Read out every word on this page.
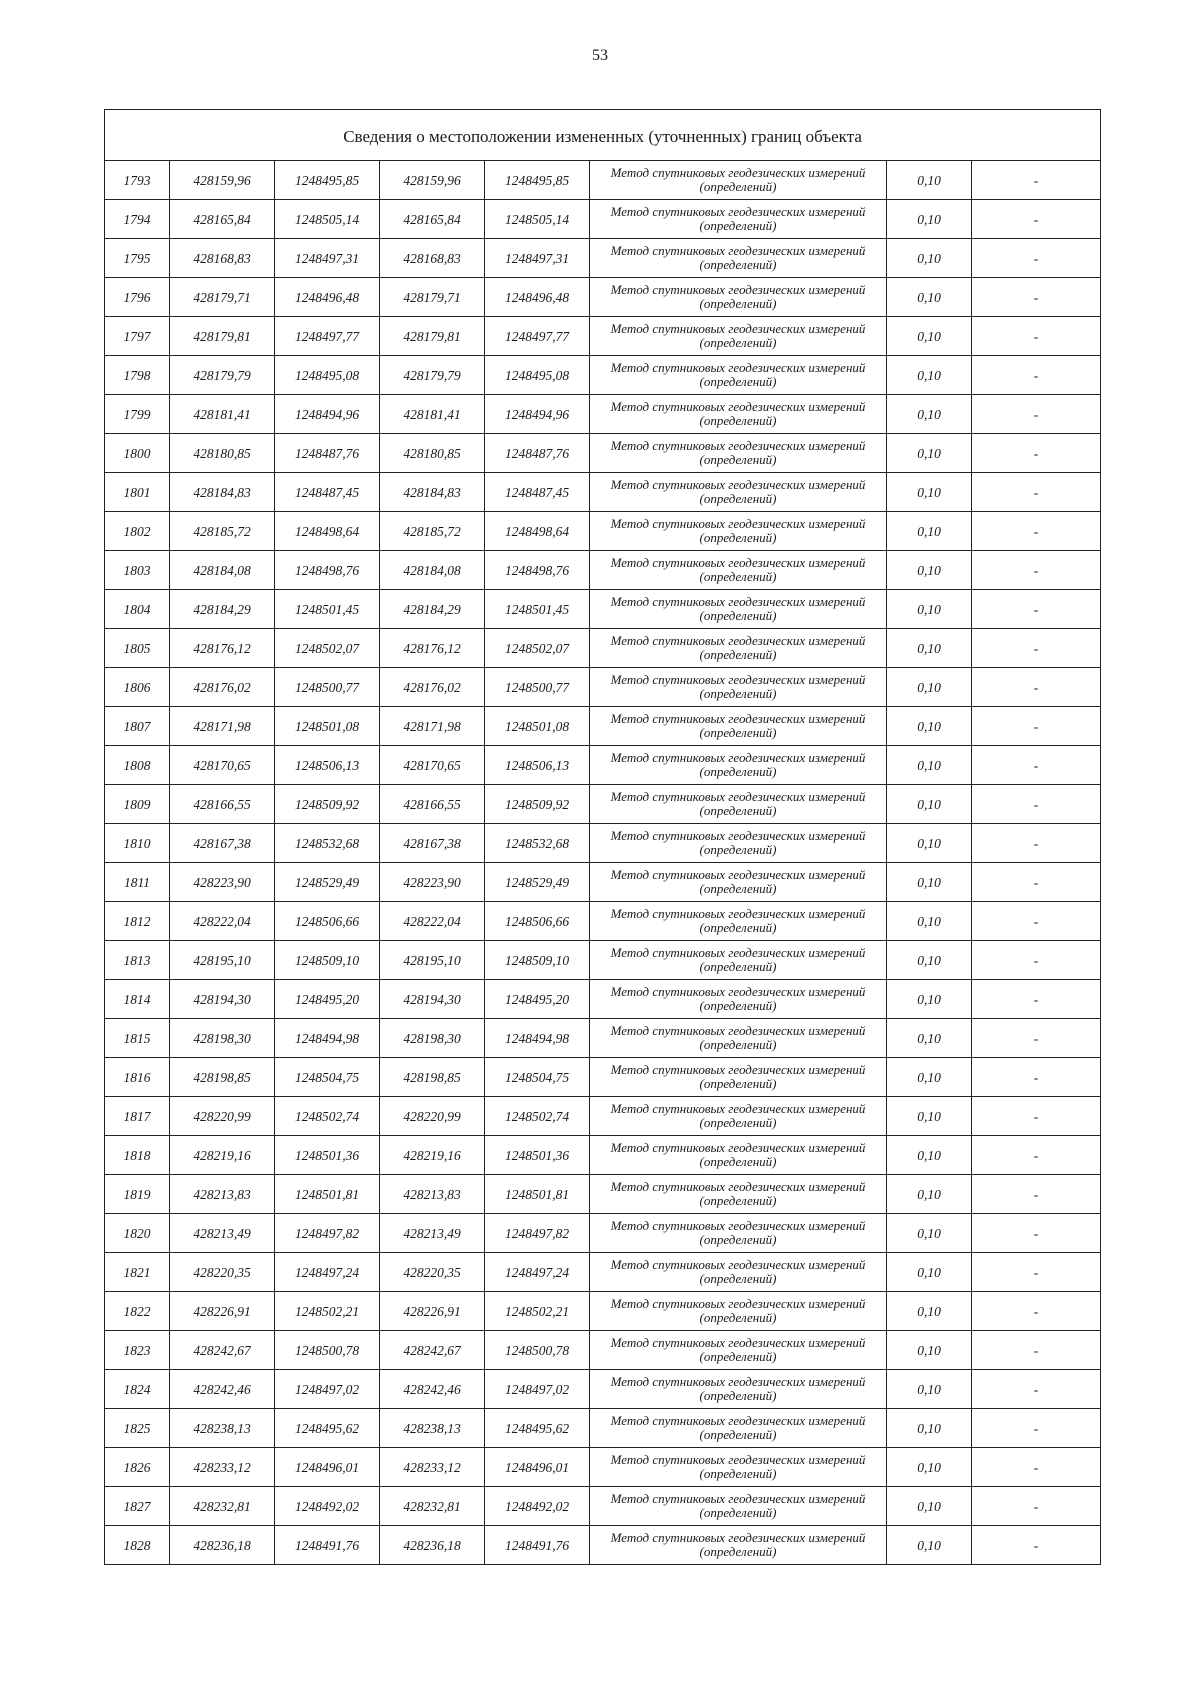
53
Сведения о местоположении измененных (уточненных) границ объекта							
1793	428159,96	1248495,85	428159,96	1248495,85	Метод спутниковых геодезических измерений (определений)	0,10	-
1794	428165,84	1248505,14	428165,84	1248505,14	Метод спутниковых геодезических измерений (определений)	0,10	-
1795	428168,83	1248497,31	428168,83	1248497,31	Метод спутниковых геодезических измерений (определений)	0,10	-
1796	428179,71	1248496,48	428179,71	1248496,48	Метод спутниковых геодезических измерений (определений)	0,10	-
1797	428179,81	1248497,77	428179,81	1248497,77	Метод спутниковых геодезических измерений (определений)	0,10	-
1798	428179,79	1248495,08	428179,79	1248495,08	Метод спутниковых геодезических измерений (определений)	0,10	-
1799	428181,41	1248494,96	428181,41	1248494,96	Метод спутниковых геодезических измерений (определений)	0,10	-
1800	428180,85	1248487,76	428180,85	1248487,76	Метод спутниковых геодезических измерений (определений)	0,10	-
1801	428184,83	1248487,45	428184,83	1248487,45	Метод спутниковых геодезических измерений (определений)	0,10	-
1802	428185,72	1248498,64	428185,72	1248498,64	Метод спутниковых геодезических измерений (определений)	0,10	-
1803	428184,08	1248498,76	428184,08	1248498,76	Метод спутниковых геодезических измерений (определений)	0,10	-
1804	428184,29	1248501,45	428184,29	1248501,45	Метод спутниковых геодезических измерений (определений)	0,10	-
1805	428176,12	1248502,07	428176,12	1248502,07	Метод спутниковых геодезических измерений (определений)	0,10	-
1806	428176,02	1248500,77	428176,02	1248500,77	Метод спутниковых геодезических измерений (определений)	0,10	-
1807	428171,98	1248501,08	428171,98	1248501,08	Метод спутниковых геодезических измерений (определений)	0,10	-
1808	428170,65	1248506,13	428170,65	1248506,13	Метод спутниковых геодезических измерений (определений)	0,10	-
1809	428166,55	1248509,92	428166,55	1248509,92	Метод спутниковых геодезических измерений (определений)	0,10	-
1810	428167,38	1248532,68	428167,38	1248532,68	Метод спутниковых геодезических измерений (определений)	0,10	-
1811	428223,90	1248529,49	428223,90	1248529,49	Метод спутниковых геодезических измерений (определений)	0,10	-
1812	428222,04	1248506,66	428222,04	1248506,66	Метод спутниковых геодезических измерений (определений)	0,10	-
1813	428195,10	1248509,10	428195,10	1248509,10	Метод спутниковых геодезических измерений (определений)	0,10	-
1814	428194,30	1248495,20	428194,30	1248495,20	Метод спутниковых геодезических измерений (определений)	0,10	-
1815	428198,30	1248494,98	428198,30	1248494,98	Метод спутниковых геодезических измерений (определений)	0,10	-
1816	428198,85	1248504,75	428198,85	1248504,75	Метод спутниковых геодезических измерений (определений)	0,10	-
1817	428220,99	1248502,74	428220,99	1248502,74	Метод спутниковых геодезических измерений (определений)	0,10	-
1818	428219,16	1248501,36	428219,16	1248501,36	Метод спутниковых геодезических измерений (определений)	0,10	-
1819	428213,83	1248501,81	428213,83	1248501,81	Метод спутниковых геодезических измерений (определений)	0,10	-
1820	428213,49	1248497,82	428213,49	1248497,82	Метод спутниковых геодезических измерений (определений)	0,10	-
1821	428220,35	1248497,24	428220,35	1248497,24	Метод спутниковых геодезических измерений (определений)	0,10	-
1822	428226,91	1248502,21	428226,91	1248502,21	Метод спутниковых геодезических измерений (определений)	0,10	-
1823	428242,67	1248500,78	428242,67	1248500,78	Метод спутниковых геодезических измерений (определений)	0,10	-
1824	428242,46	1248497,02	428242,46	1248497,02	Метод спутниковых геодезических измерений (определений)	0,10	-
1825	428238,13	1248495,62	428238,13	1248495,62	Метод спутниковых геодезических измерений (определений)	0,10	-
1826	428233,12	1248496,01	428233,12	1248496,01	Метод спутниковых геодезических измерений (определений)	0,10	-
1827	428232,81	1248492,02	428232,81	1248492,02	Метод спутниковых геодезических измерений (определений)	0,10	-
1828	428236,18	1248491,76	428236,18	1248491,76	Метод спутниковых геодезических измерений (определений)	0,10	-
